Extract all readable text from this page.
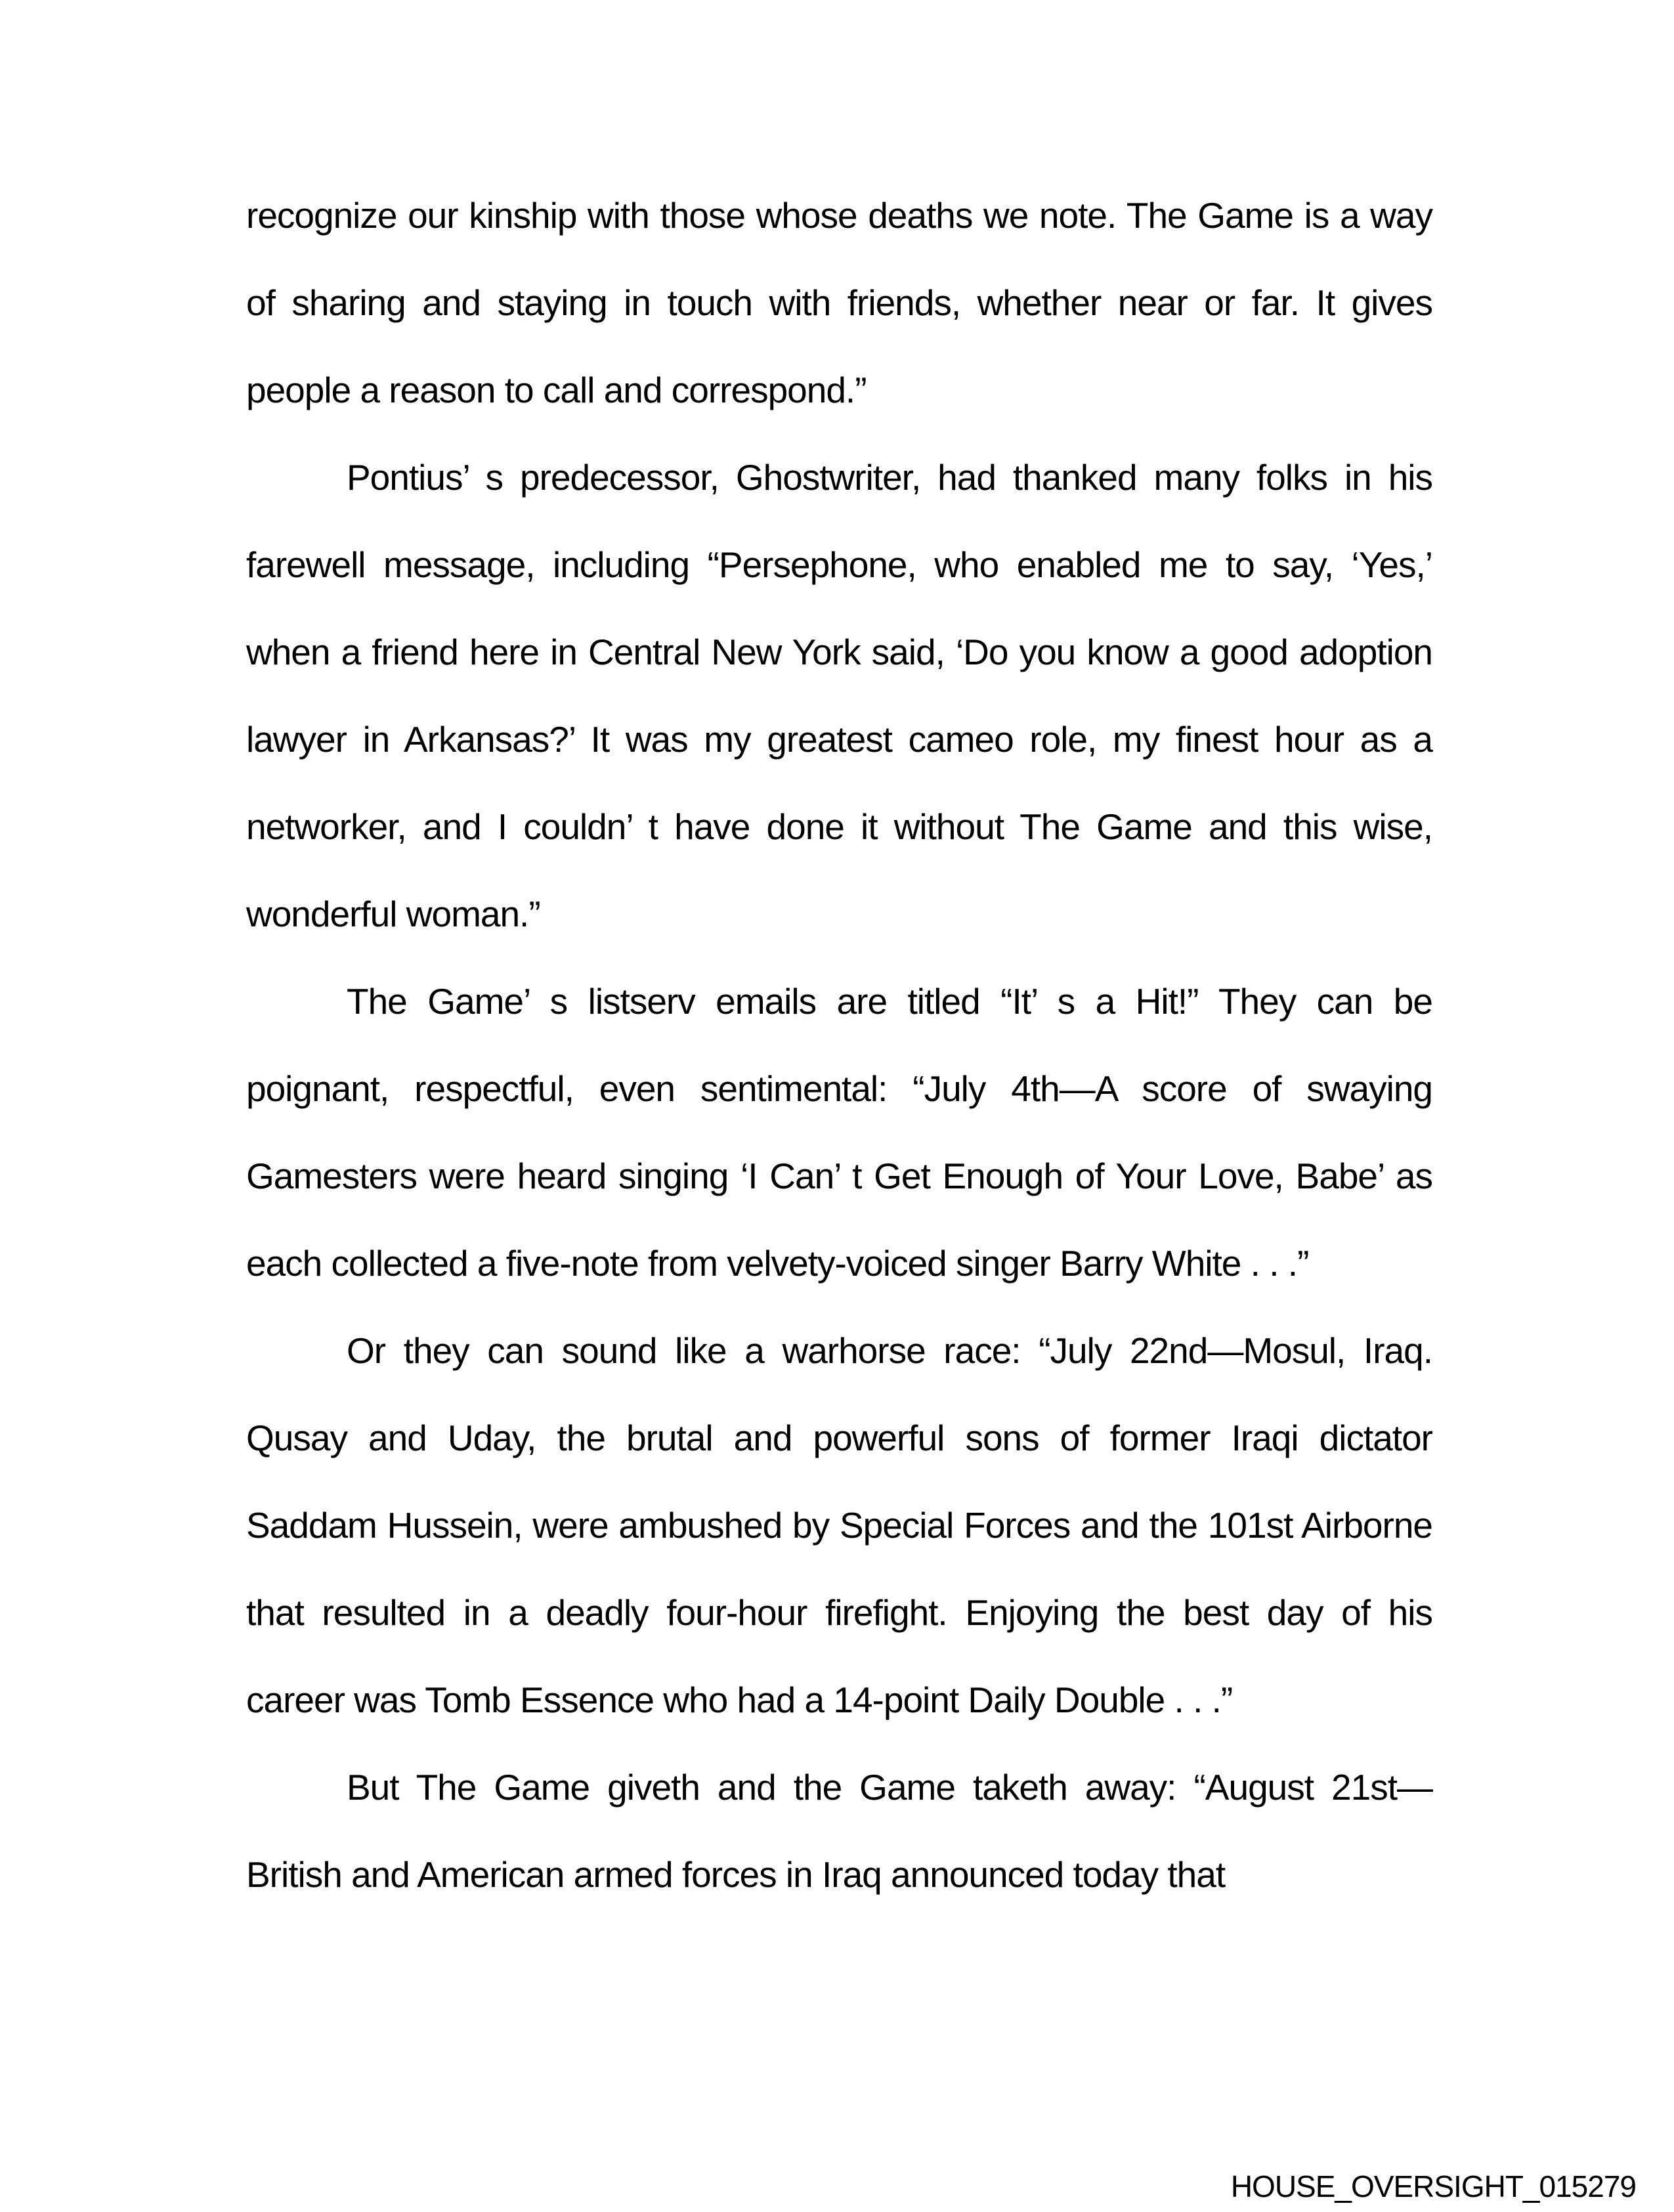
recognize our kinship with those whose deaths we note. The Game is a way of sharing and staying in touch with friends, whether near or far. It gives people a reason to call and correspond.”

Pontius’ s predecessor, Ghostwriter, had thanked many folks in his farewell message, including “Persephone, who enabled me to say, ‘Yes,’ when a friend here in Central New York said, ‘Do you know a good adoption lawyer in Arkansas?’ It was my greatest cameo role, my finest hour as a networker, and I couldn’ t have done it without The Game and this wise, wonderful woman.”

The Game’ s listserv emails are titled “It’ s a Hit!” They can be poignant, respectful, even sentimental: “July 4th—A score of swaying Gamesters were heard singing ‘I Can’ t Get Enough of Your Love, Babe’ as each collected a five-note from velvety-voiced singer Barry White . . .”

Or they can sound like a warhorse race: “July 22nd—Mosul, Iraq. Qusay and Uday, the brutal and powerful sons of former Iraqi dictator Saddam Hussein, were ambushed by Special Forces and the 101st Airborne that resulted in a deadly four-hour firefight. Enjoying the best day of his career was Tomb Essence who had a 14-point Daily Double . . .”

But The Game giveth and the Game taketh away: “August 21st—British and American armed forces in Iraq announced today that

HOUSE_OVERSIGHT_015279
